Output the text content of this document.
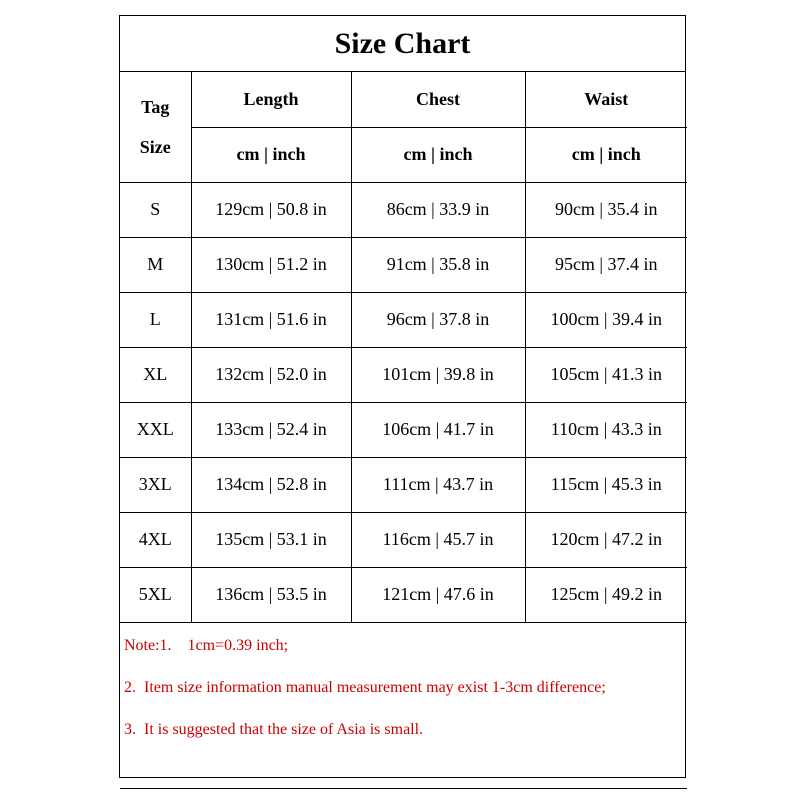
Size Chart
Tag
Size	Length	Chest	Waist
	cm | inch	cm | inch	cm | inch
S	129cm | 50.8 in	86cm | 33.9 in	90cm | 35.4 in
M	130cm | 51.2 in	91cm | 35.8 in	95cm | 37.4 in
L	131cm | 51.6 in	96cm | 37.8 in	100cm | 39.4 in
XL	132cm | 52.0 in	101cm | 39.8 in	105cm | 41.3 in
XXL	133cm | 52.4 in	106cm | 41.7 in	110cm | 43.3 in
3XL	134cm | 52.8 in	111cm | 43.7 in	115cm | 45.3 in
4XL	135cm | 53.1 in	116cm | 45.7 in	120cm | 47.2 in
5XL	136cm | 53.5 in	121cm | 47.6 in	125cm | 49.2 in

Note:1.    1cm=0.39 inch;

2.  Item size information manual measurement may exist 1-3cm difference;

3.  It is suggested that the size of Asia is small.			
